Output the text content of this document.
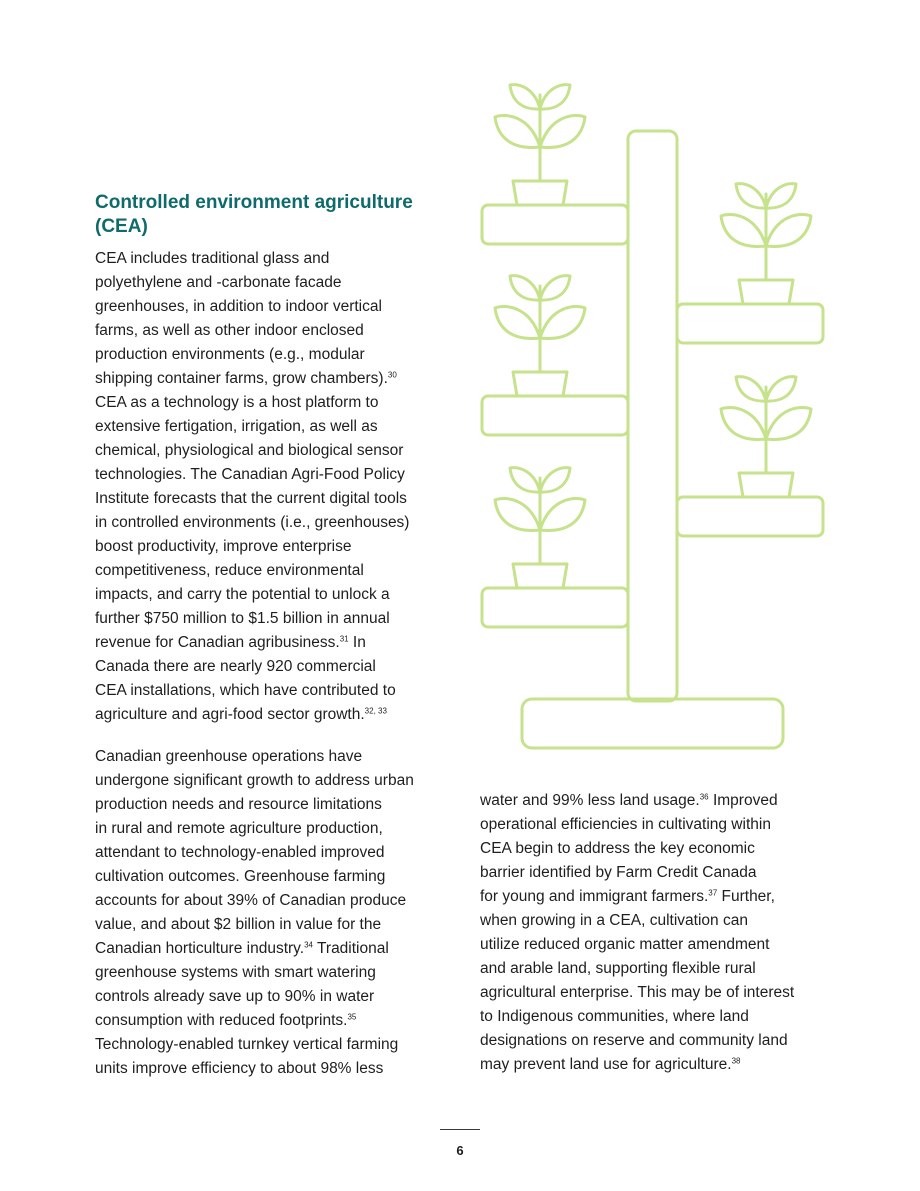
Controlled environment agriculture (CEA)

CEA includes traditional glass and

polyethylene and -carbonate facade

greenhouses, in addition to indoor vertical

farms, as well as other indoor enclosed

production environments (e.g., modular

shipping container farms, grow chambers).$^{30}$

CEA as a technology is a host platform to

extensive fertigation, irrigation, as well as

chemical, physiological and biological sensor

technologies. The Canadian Agri-Food Policy

Institute forecasts that the current digital tools

in controlled environments (i.e., greenhouses)

boost productivity, improve enterprise

competitiveness, reduce environmental

impacts, and carry the potential to unlock a

further $750 million to $1.5 billion in annual

revenue for Canadian agribusiness.$^{31}$ In

Canada there are nearly 920 commercial

CEA installations, which have contributed to

agriculture and agri-food sector growth.$^{32, 33}$

Canadian greenhouse operations have

undergone significant growth to address urban

production needs and resource limitations

in rural and remote agriculture production,

attendant to technology-enabled improved

cultivation outcomes. Greenhouse farming

accounts for about 39% of Canadian produce

value, and about $2 billion in value for the

Canadian horticulture industry.$^{34}$ Traditional

greenhouse systems with smart watering

controls already save up to 90% in water

consumption with reduced footprints.$^{35}$

Technology-enabled turnkey vertical farming

units improve efficiency to about 98% less

water and 99% less land usage.$^{36}$ Improved

operational efficiencies in cultivating within

CEA begin to address the key economic

barrier identified by Farm Credit Canada

for young and immigrant farmers.$^{37}$ Further,

when growing in a CEA, cultivation can

utilize reduced organic matter amendment

and arable land, supporting flexible rural

agricultural enterprise. This may be of interest

to Indigenous communities, where land

designations on reserve and community land

may prevent land use for agriculture.$^{38}$

6
